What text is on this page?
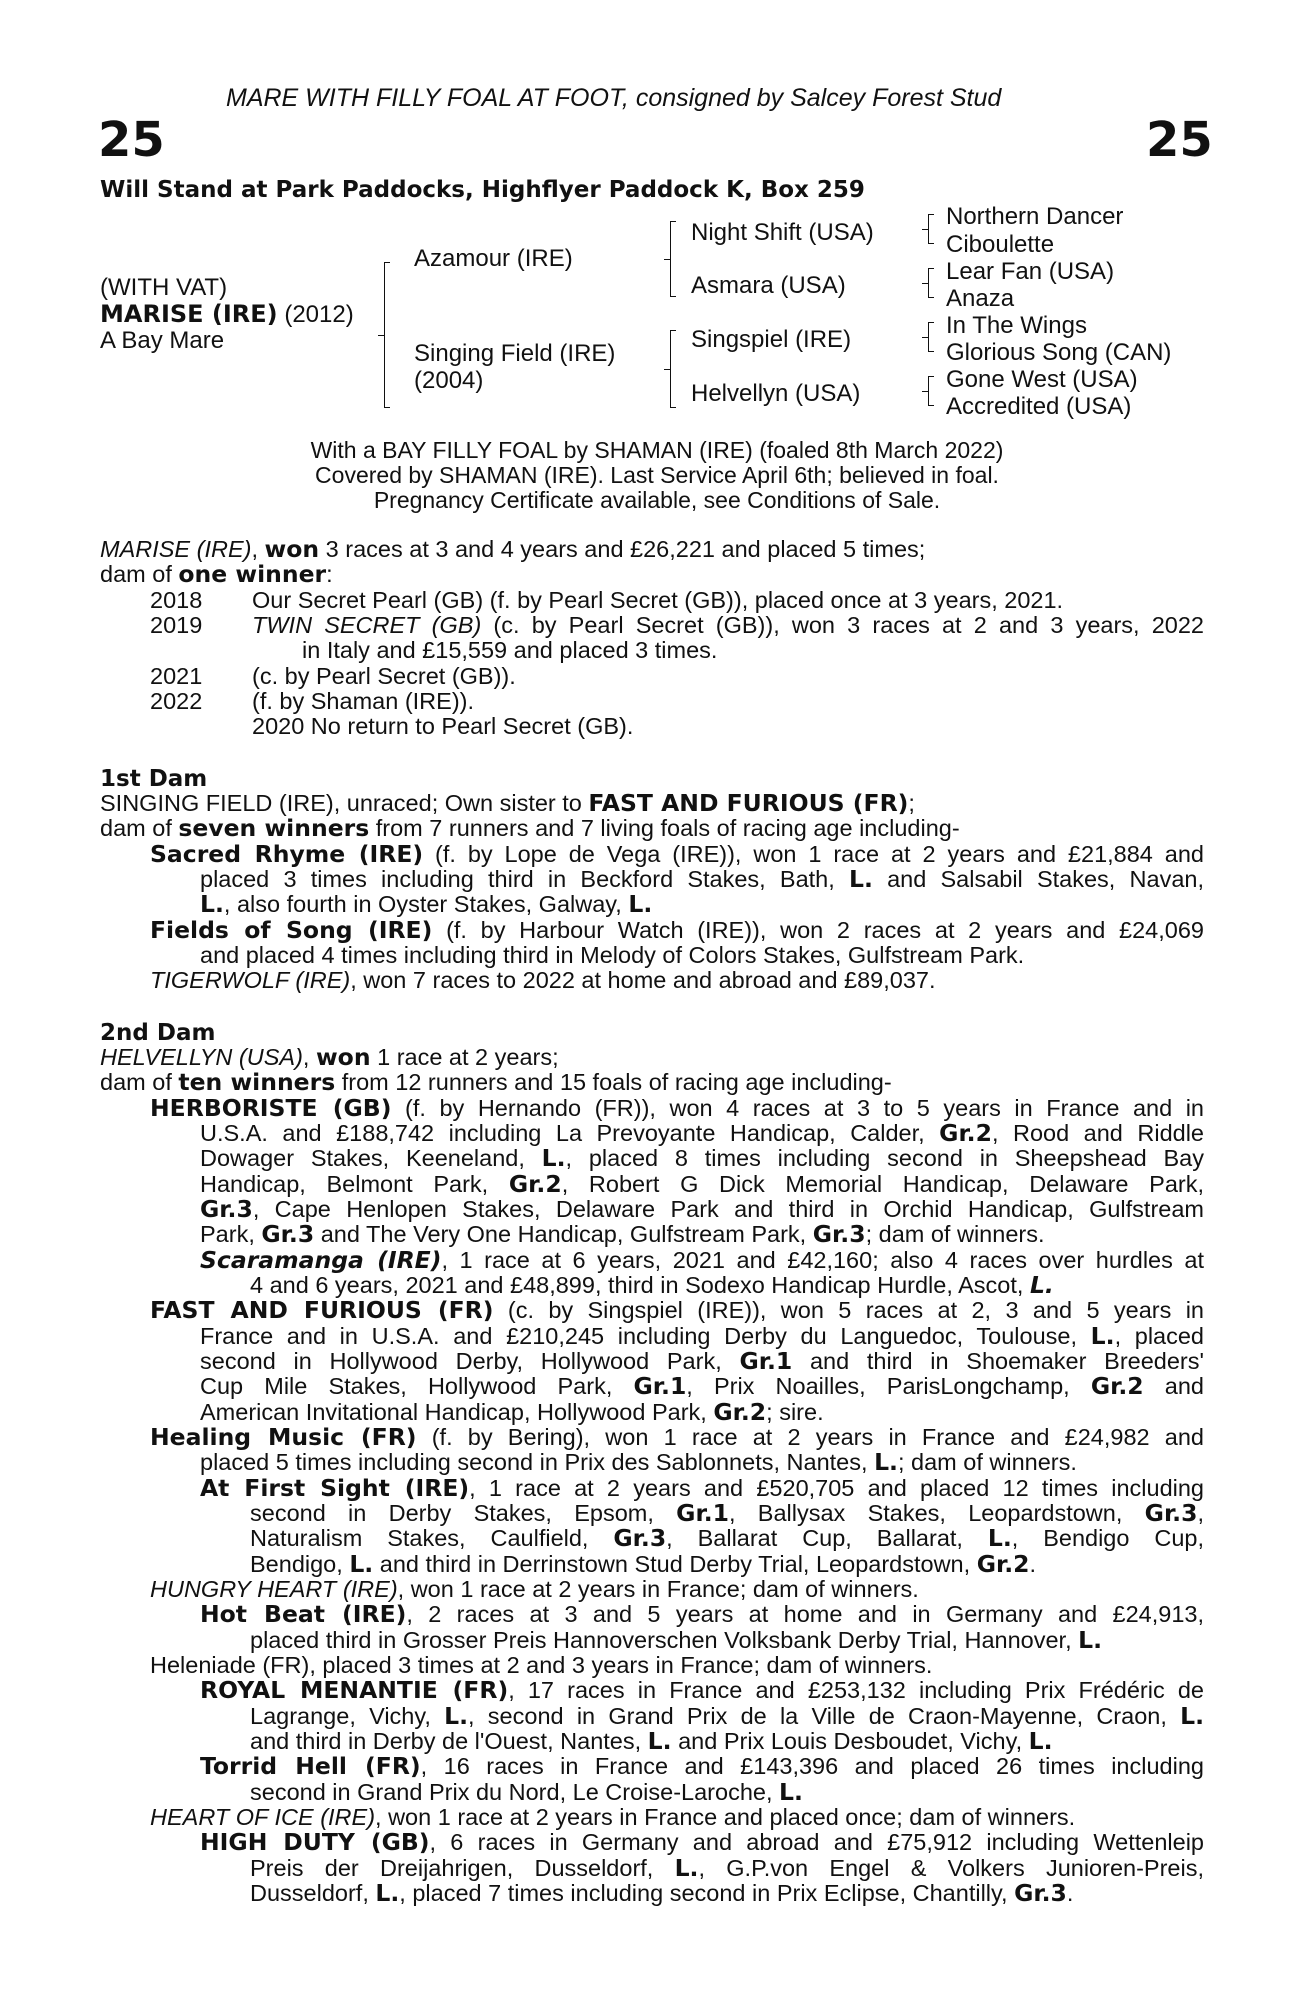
MARE WITH FILLY FOAL AT FOOT, consigned by Salcey Forest Stud
25	25
Will Stand at Park Paddocks, Highflyer Paddock K, Box 259
(WITH VAT)
MARISE (IRE) (2012)
A Bay Mare
Azamour (IRE)
Singing Field (IRE)
(2004)
Night Shift (USA)
Asmara (USA)
Singspiel (IRE)
Helvellyn (USA)
Northern Dancer
Ciboulette
Lear Fan (USA)
Anaza
In The Wings
Glorious Song (CAN)
Gone West (USA)
Accredited (USA)
With a BAY FILLY FOAL by SHAMAN (IRE) (foaled 8th March 2022)
Covered by SHAMAN (IRE). Last Service April 6th; believed in foal.
Pregnancy Certificate available, see Conditions of Sale.
MARISE (IRE), won 3 races at 3 and 4 years and £26,221 and placed 5 times;
dam of one winner:
2018 Our Secret Pearl (GB) (f. by Pearl Secret (GB)), placed once at 3 years, 2021.
2019 TWIN SECRET (GB) (c. by Pearl Secret (GB)), won 3 races at 2 and 3 years, 2022
in Italy and £15,559 and placed 3 times.
2021 (c. by Pearl Secret (GB)).
2022 (f. by Shaman (IRE)).
2020 No return to Pearl Secret (GB).
1st Dam
SINGING FIELD (IRE), unraced; Own sister to FAST AND FURIOUS (FR);
dam of seven winners from 7 runners and 7 living foals of racing age including-
Sacred Rhyme (IRE) (f. by Lope de Vega (IRE)), won 1 race at 2 years and £21,884 and
placed 3 times including third in Beckford Stakes, Bath, L. and Salsabil Stakes, Navan,
L., also fourth in Oyster Stakes, Galway, L.
Fields of Song (IRE) (f. by Harbour Watch (IRE)), won 2 races at 2 years and £24,069
and placed 4 times including third in Melody of Colors Stakes, Gulfstream Park.
TIGERWOLF (IRE), won 7 races to 2022 at home and abroad and £89,037.
2nd Dam
HELVELLYN (USA), won 1 race at 2 years;
dam of ten winners from 12 runners and 15 foals of racing age including-
HERBORISTE (GB) (f. by Hernando (FR)), won 4 races at 3 to 5 years in France and in
U.S.A. and £188,742 including La Prevoyante Handicap, Calder, Gr.2, Rood and Riddle
Dowager Stakes, Keeneland, L., placed 8 times including second in Sheepshead Bay
Handicap, Belmont Park, Gr.2, Robert G Dick Memorial Handicap, Delaware Park,
Gr.3, Cape Henlopen Stakes, Delaware Park and third in Orchid Handicap, Gulfstream
Park, Gr.3 and The Very One Handicap, Gulfstream Park, Gr.3; dam of winners.
Scaramanga (IRE), 1 race at 6 years, 2021 and £42,160; also 4 races over hurdles at
4 and 6 years, 2021 and £48,899, third in Sodexo Handicap Hurdle, Ascot, L.
FAST AND FURIOUS (FR) (c. by Singspiel (IRE)), won 5 races at 2, 3 and 5 years in
France and in U.S.A. and £210,245 including Derby du Languedoc, Toulouse, L., placed
second in Hollywood Derby, Hollywood Park, Gr.1 and third in Shoemaker Breeders'
Cup Mile Stakes, Hollywood Park, Gr.1, Prix Noailles, ParisLongchamp, Gr.2 and
American Invitational Handicap, Hollywood Park, Gr.2; sire.
Healing Music (FR) (f. by Bering), won 1 race at 2 years in France and £24,982 and
placed 5 times including second in Prix des Sablonnets, Nantes, L.; dam of winners.
At First Sight (IRE), 1 race at 2 years and £520,705 and placed 12 times including
second in Derby Stakes, Epsom, Gr.1, Ballysax Stakes, Leopardstown, Gr.3,
Naturalism Stakes, Caulfield, Gr.3, Ballarat Cup, Ballarat, L., Bendigo Cup,
Bendigo, L. and third in Derrinstown Stud Derby Trial, Leopardstown, Gr.2.
HUNGRY HEART (IRE), won 1 race at 2 years in France; dam of winners.
Hot Beat (IRE), 2 races at 3 and 5 years at home and in Germany and £24,913,
placed third in Grosser Preis Hannoverschen Volksbank Derby Trial, Hannover, L.
Heleniade (FR), placed 3 times at 2 and 3 years in France; dam of winners.
ROYAL MENANTIE (FR), 17 races in France and £253,132 including Prix Frédéric de
Lagrange, Vichy, L., second in Grand Prix de la Ville de Craon-Mayenne, Craon, L.
and third in Derby de l'Ouest, Nantes, L. and Prix Louis Desboudet, Vichy, L.
Torrid Hell (FR), 16 races in France and £143,396 and placed 26 times including
second in Grand Prix du Nord, Le Croise-Laroche, L.
HEART OF ICE (IRE), won 1 race at 2 years in France and placed once; dam of winners.
HIGH DUTY (GB), 6 races in Germany and abroad and £75,912 including Wettenleip
Preis der Dreijahrigen, Dusseldorf, L., G.P.von Engel & Volkers Junioren-Preis,
Dusseldorf, L., placed 7 times including second in Prix Eclipse, Chantilly, Gr.3.
